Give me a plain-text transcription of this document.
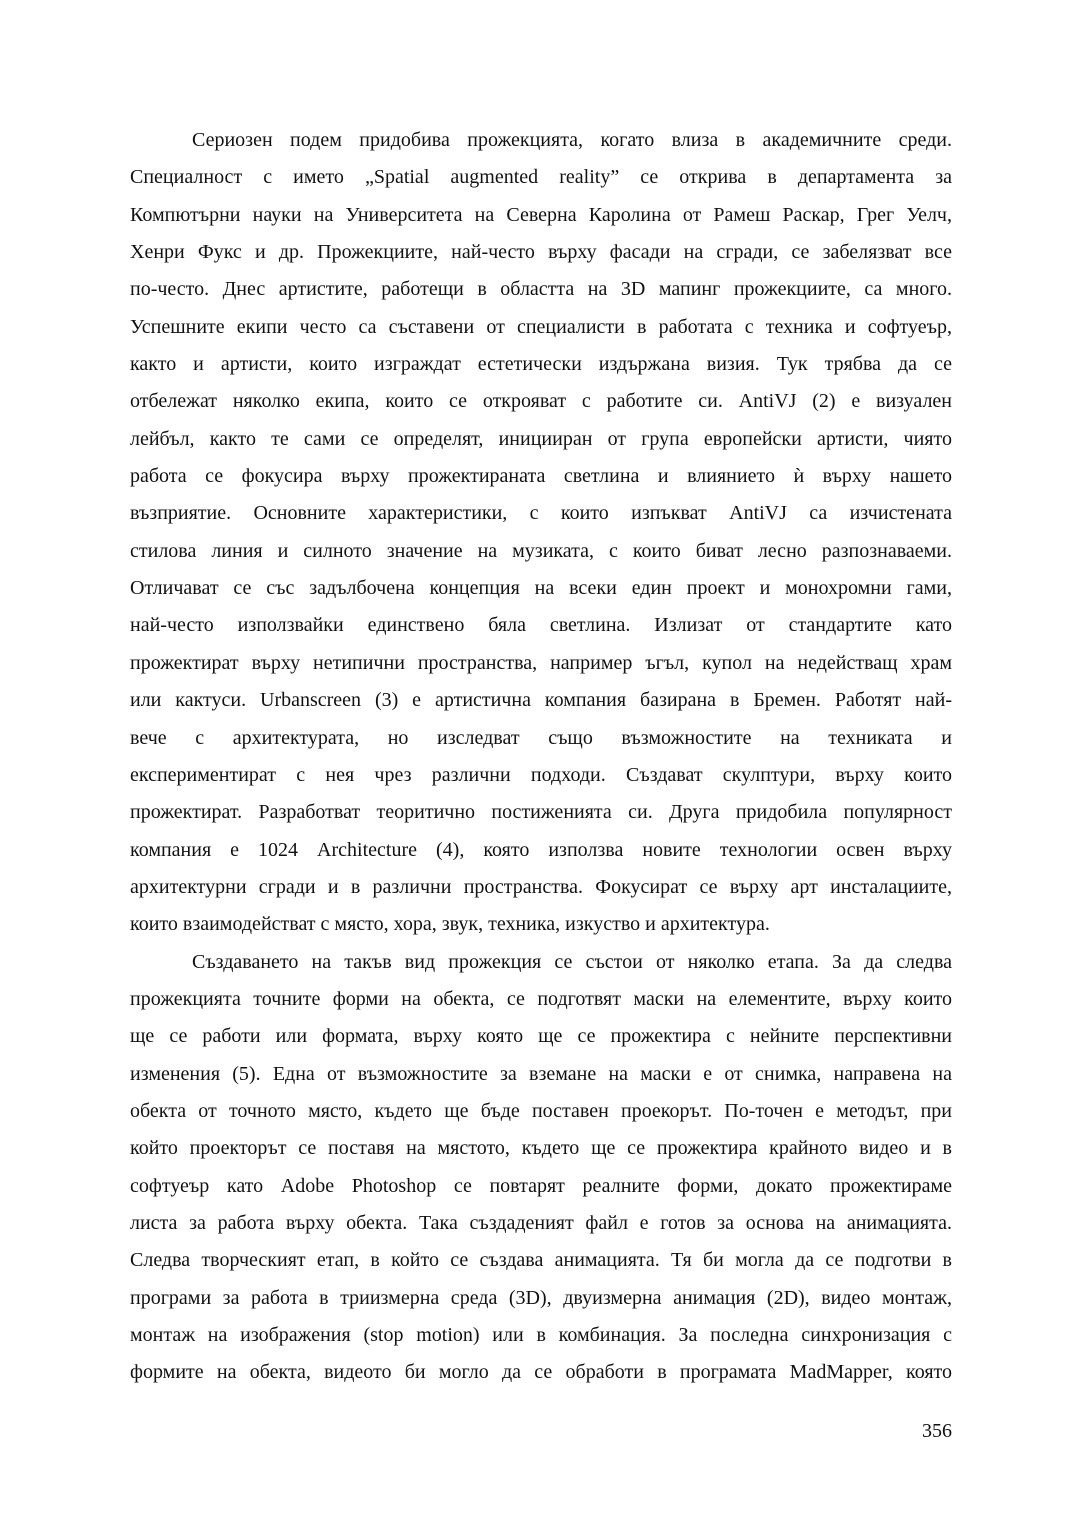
Сериозен подем придобива прожекцията, когато влиза в академичните среди.
Специалност с името „Spatial augmented reality” се открива в департамента за
Компютърни науки на Университета на Северна Каролина от Рамеш Раскар, Грег Уелч,
Хенри Фукс и др. Прожекциите, най-често върху фасади на сгради, се забелязват все
по-често. Днес артистите, работещи в областта на 3D мапинг прожекциите, са много.
Успешните екипи често са съставени от специалисти в работата с техника и софтуеър,
както и артисти, които изграждат естетически издържана визия. Тук трябва да се
отбележат няколко екипа, които се открояват с работите си. AntiVJ (2) е визуален
лейбъл, както те сами се определят, иницииран от група европейски артисти, чиято
работа се фокусира върху прожектираната светлина и влиянието ѝ върху нашето
възприятие. Основните характеристики, с които изпъкват AntiVJ са изчистената
стилова линия и силното значение на музиката, с които биват лесно разпознаваеми.
Отличават се със задълбочена концепция на всеки един проект и монохромни гами,
най-често използвайки единствено бяла светлина. Излизат от стандартите като
прожектират върху нетипични пространства, например ъгъл, купол на недействащ храм
или кактуси. Urbanscreen (3) е артистична компания базирана в Бремен. Работят най-
вече с архитектурата, но изследват също възможностите на техниката и
експериментират с нея чрез различни подходи. Създават скулптури, върху които
прожектират. Разработват теоритично постиженията си. Друга придобила популярност
компания е 1024 Architecture (4), която използва новите технологии освен върху
архитектурни сгради и в различни пространства. Фокусират се върху арт инсталациите,
които взаимодействат с място, хора, звук, техника, изкуство и архитектура.
Създаването на такъв вид прожекция се състои от няколко етапа. За да следва
прожекцията точните форми на обекта, се подготвят маски на елементите, върху които
ще се работи или формата, върху която ще се прожектира с нейните перспективни
изменения (5). Една от възможностите за вземане на маски е от снимка, направена на
обекта от точното място, където ще бъде поставен проекорът. По-точен е методът, при
който проекторът се поставя на мястото, където ще се прожектира крайното видео и в
софтуеър като Adobe Photoshop се повтарят реалните форми, докато прожектираме
листа за работа върху обекта. Така създадeният файл е готов за основа на анимацията.
Следва творческият етап, в който се създава анимацията. Тя би могла да се подготви в
програми за работа в триизмерна среда (3D), двуизмерна анимация (2D), видео монтаж,
монтаж на изображения (stop motion) или в комбинация. За последна синхронизация с
формите на обекта, видеото би могло да се обработи в програмата MadMapper, която
356
